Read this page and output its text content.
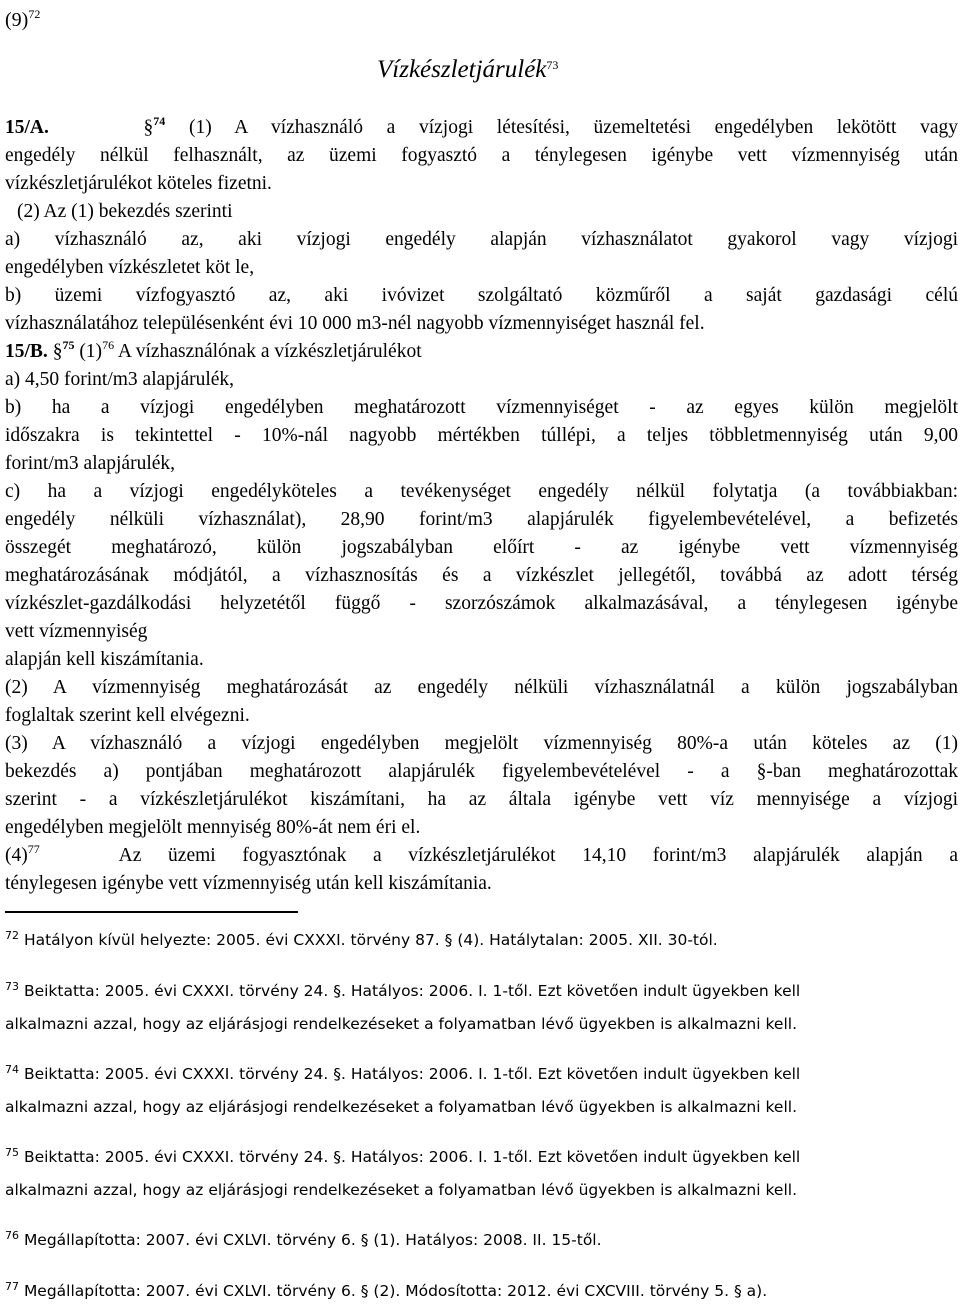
$(9)^{72}$
Vízkészletjárulék$^{73}$
15/A.    §$^{74}$ (1) A vízhasználó a vízjogi létesítési, üzemeltetési engedélyben lekötött vagy
engedély nélkül felhasznált, az üzemi fogyasztó a ténylegesen igénybe vett vízmennyiség után
vízkészletjárulékot köteles fizetni.
(2) Az (1) bekezdés szerinti
a) vízhasználó az, aki vízjogi engedély alapján vízhasználatot gyakorol vagy vízjogi
engedélyben vízkészletet köt le,
b) üzemi vízfogyasztó az, aki ivóvizet szolgáltató közműről a saját gazdasági célú
vízhasználatához településenként évi 10 000 m3-nél nagyobb vízmennyiséget használ fel.
15/B. §$^{75}$ $(1)^{76}$ A vízhasználónak a vízkészletjárulékot
a) 4,50 forint/m3 alapjárulék,
b) ha a vízjogi engedélyben meghatározott vízmennyiséget - az egyes külön megjelölt
időszakra is tekintettel - 10%-nál nagyobb mértékben túllépi, a teljes többletmennyiség után 9,00
forint/m3 alapjárulék,
c) ha a vízjogi engedélyköteles a tevékenységet engedély nélkül folytatja (a továbbiakban:
engedély nélküli vízhasználat), 28,90 forint/m3 alapjárulék figyelembevételével, a befizetés
összegét meghatározó, külön jogszabályban előírt - az igénybe vett vízmennyiség
meghatározásának módjától, a vízhasznosítás és a vízkészlet jellegétől, továbbá az adott térség
vízkészlet-gazdálkodási helyzetétől függő - szorzószámok alkalmazásával, a ténylegesen igénybe
vett vízmennyiség
alapján kell kiszámítania.
(2) A vízmennyiség meghatározását az engedély nélküli vízhasználatnál a külön jogszabályban
foglaltak szerint kell elvégezni.
(3) A vízhasználó a vízjogi engedélyben megjelölt vízmennyiség 80%-a után köteles az (1)
bekezdés a) pontjában meghatározott alapjárulék figyelembevételével - a §-ban meghatározottak
szerint - a vízkészletjárulékot kiszámítani, ha az általa igénybe vett víz mennyisége a vízjogi
engedélyben megjelölt mennyiség 80%-át nem éri el.
$(4)^{77}$	Az üzemi fogyasztónak a vízkészletjárulékot 14,10 forint/m3 alapjárulék alapján a
ténylegesen igénybe vett vízmennyiség után kell kiszámítania.
$^{72}$ Hatályon kívül helyezte: 2005. évi CXXXI. törvény 87. § (4). Hatálytalan: 2005. XII. 30-tól.
$^{73}$ Beiktatta: 2005. évi CXXXI. törvény 24. §. Hatályos: 2006. I. 1-től. Ezt követően indult ügyekben kell
alkalmazni azzal, hogy az eljárásjogi rendelkezéseket a folyamatban lévő ügyekben is alkalmazni kell.
$^{74}$ Beiktatta: 2005. évi CXXXI. törvény 24. §. Hatályos: 2006. I. 1-től. Ezt követően indult ügyekben kell
alkalmazni azzal, hogy az eljárásjogi rendelkezéseket a folyamatban lévő ügyekben is alkalmazni kell.
$^{75}$ Beiktatta: 2005. évi CXXXI. törvény 24. §. Hatályos: 2006. I. 1-től. Ezt követően indult ügyekben kell
alkalmazni azzal, hogy az eljárásjogi rendelkezéseket a folyamatban lévő ügyekben is alkalmazni kell.
$^{76}$ Megállapította: 2007. évi CXLVI. törvény 6. § (1). Hatályos: 2008. II. 15-től.
$^{77}$ Megállapította: 2007. évi CXLVI. törvény 6. § (2). Módosította: 2012. évi CXCVIII. törvény 5. § a).
